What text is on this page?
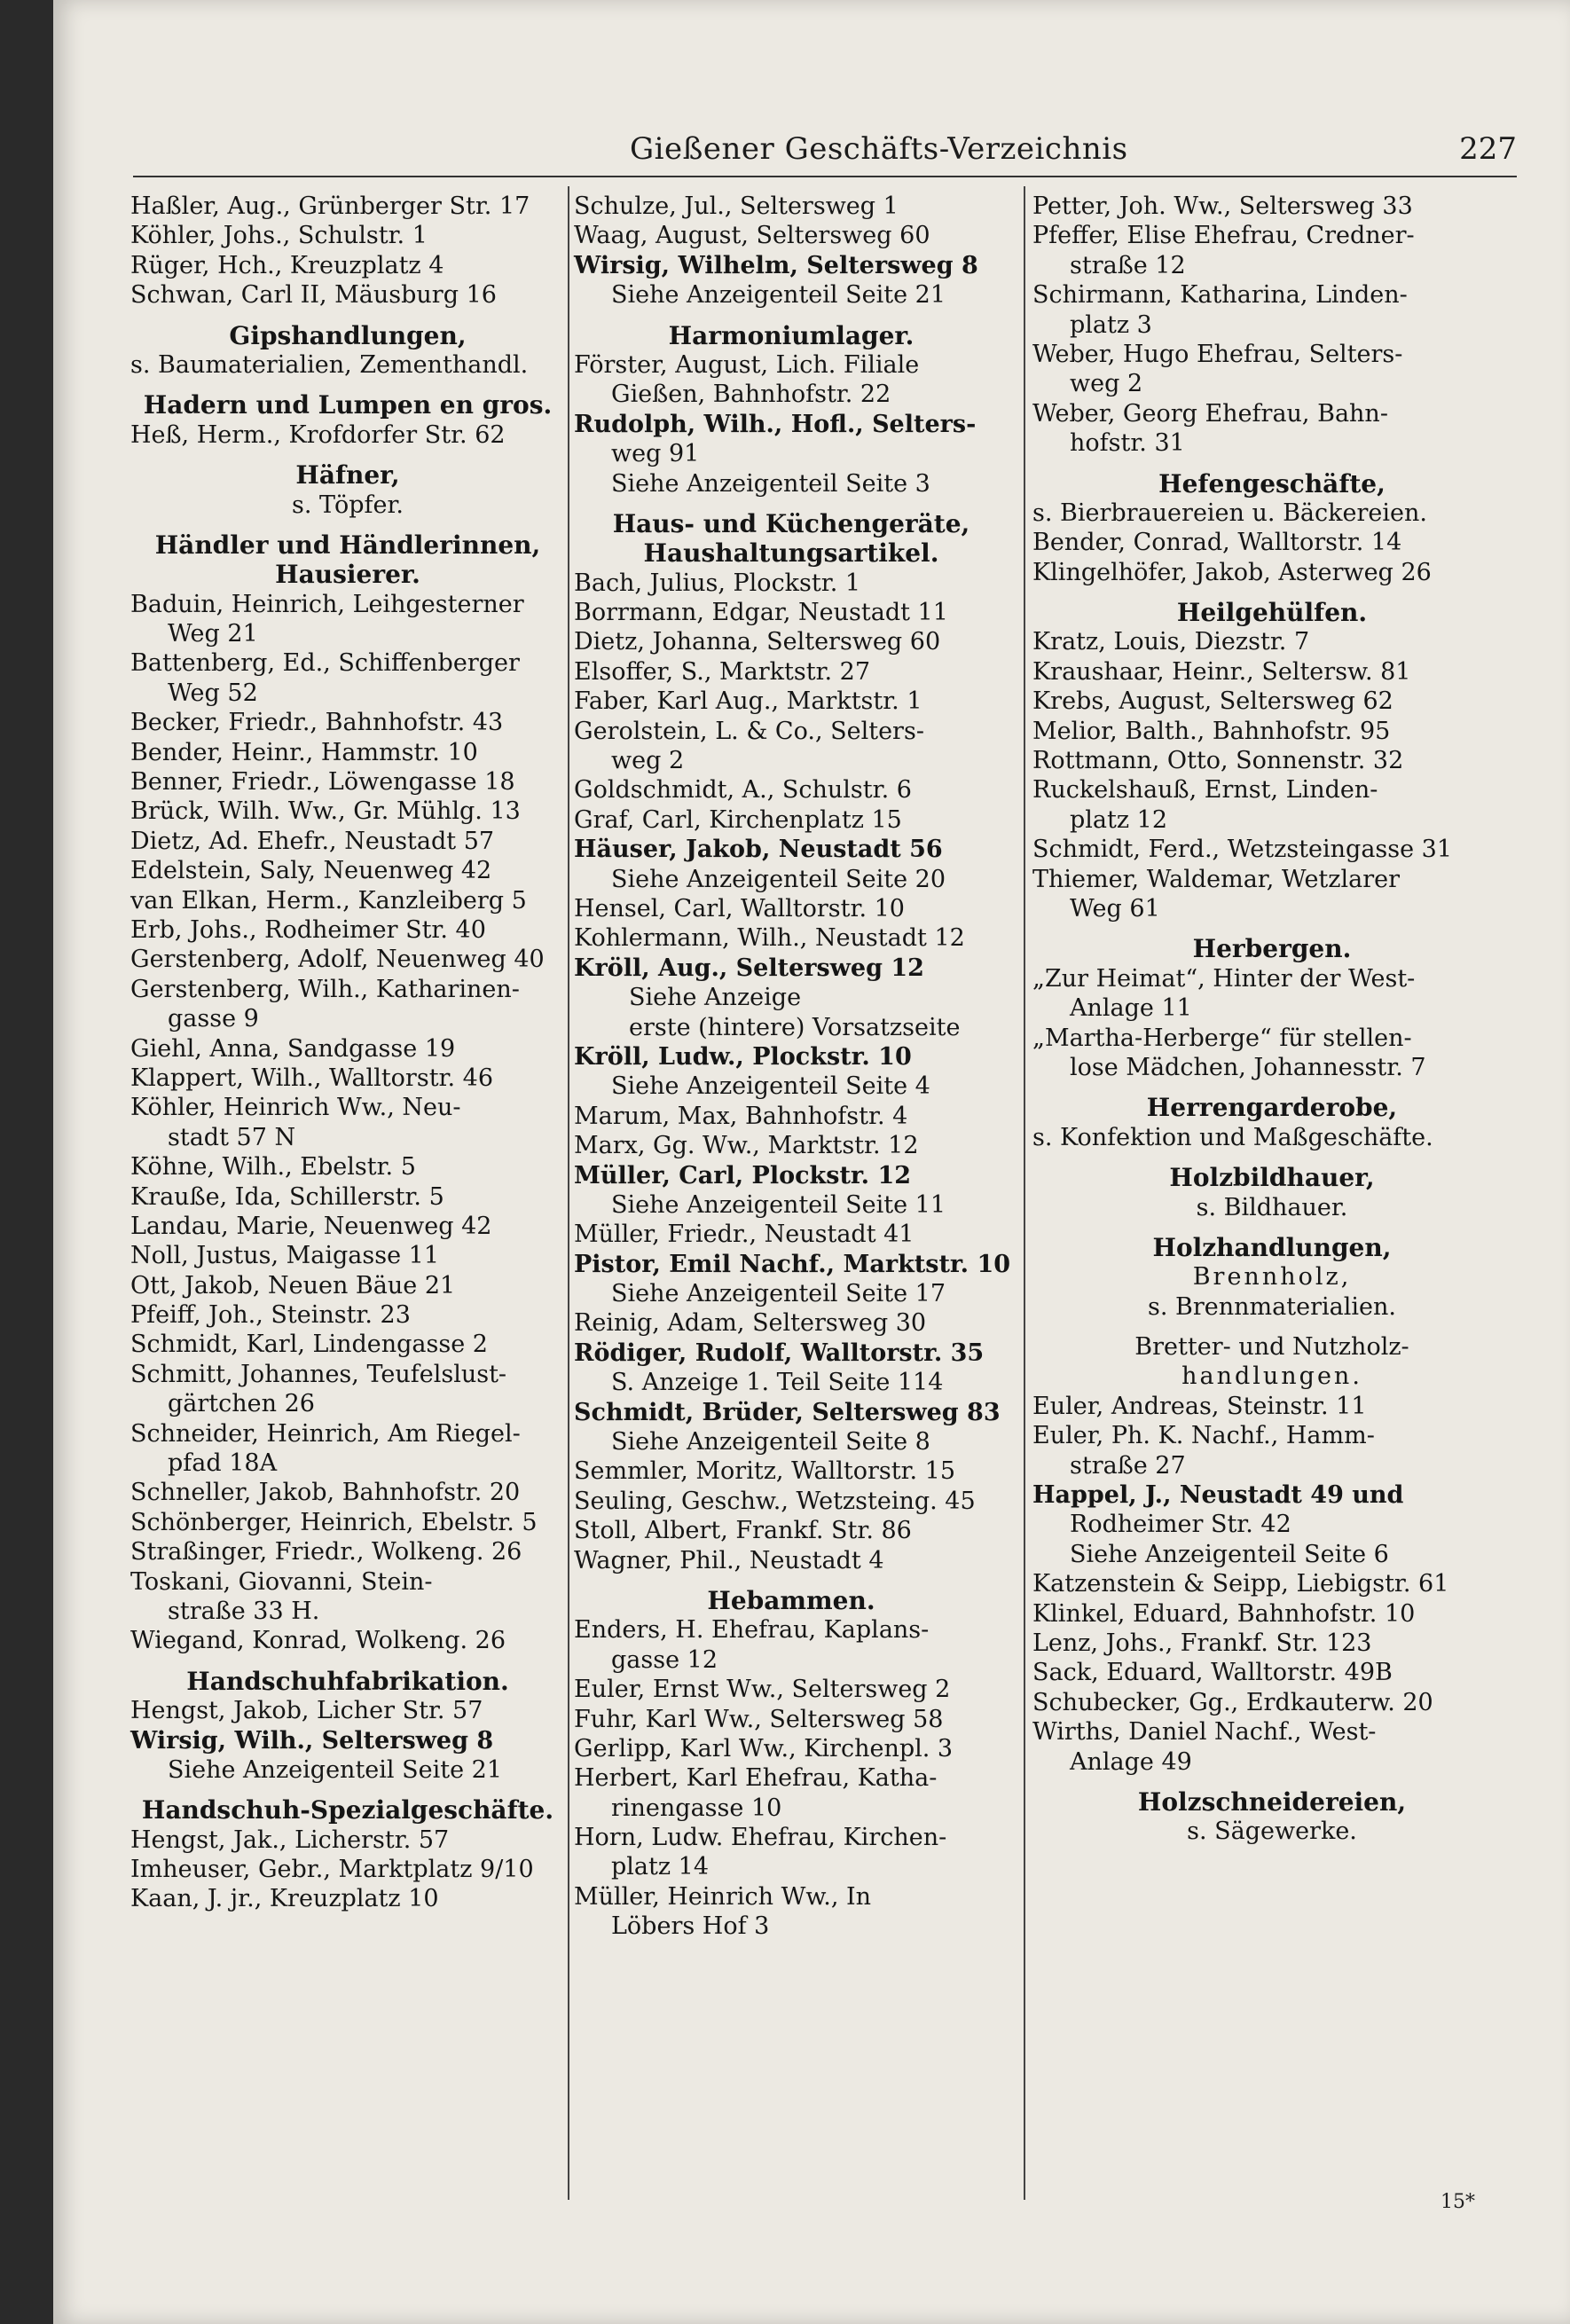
Gießener Geschäfts-Verzeichnis	227
Haßler, Aug., Grünberger Str. 17
Köhler, Johs., Schulstr. 1
Rüger, Hch., Kreuzplatz 4
Schwan, Carl II, Mäusburg 16
Gipshandlungen,
s. Baumaterialien, Zementhandl.
Hadern und Lumpen en gros.
Heß, Herm., Krofdorfer Str. 62
Häfner,
s. Töpfer.
Händler und Händlerinnen,
Hausierer.
Baduin, Heinrich, Leihgesterner
Weg 21
Battenberg, Ed., Schiffenberger
Weg 52
Becker, Friedr., Bahnhofstr. 43
Bender, Heinr., Hammstr. 10
Benner, Friedr., Löwengasse 18
Brück, Wilh. Ww., Gr. Mühlg. 13
Dietz, Ad. Ehefr., Neustadt 57
Edelstein, Saly, Neuenweg 42
van Elkan, Herm., Kanzleiberg 5
Erb, Johs., Rodheimer Str. 40
Gerstenberg, Adolf, Neuenweg 40
Gerstenberg, Wilh., Katharinen-
gasse 9
Giehl, Anna, Sandgasse 19
Klappert, Wilh., Walltorstr. 46
Köhler, Heinrich Ww., Neu-
stadt 57 N
Köhne, Wilh., Ebelstr. 5
Kraußе, Ida, Schillerstr. 5
Landau, Marie, Neuenweg 42
Noll, Justus, Maigasse 11
Ott, Jakob, Neuen Bäue 21
Pfeiff, Joh., Steinstr. 23
Schmidt, Karl, Lindengasse 2
Schmitt, Johannes, Teufelslust-
gärtchen 26
Schneider, Heinrich, Am Riegel-
pfad 18A
Schneller, Jakob, Bahnhofstr. 20
Schönberger, Heinrich, Ebelstr. 5
Straßinger, Friedr., Wolkeng. 26
Toskani, Giovanni, Stein-
straße 33 H.
Wiegand, Konrad, Wolkeng. 26
Handschuhfabrikation.
Hengst, Jakob, Licher Str. 57
Wirsig, Wilh., Seltersweg 8
Siehe Anzeigenteil Seite 21
Handschuh-Spezialgeschäfte.
Hengst, Jak., Licherstr. 57
Imheuser, Gebr., Marktplatz 9/10
Kaan, J. jr., Kreuzplatz 10
Schulze, Jul., Seltersweg 1
Waag, August, Seltersweg 60
Wirsig, Wilhelm, Seltersweg 8
Siehe Anzeigenteil Seite 21
Harmoniumlager.
Förster, August, Lich. Filiale
Gießen, Bahnhofstr. 22
Rudolph, Wilh., Hofl., Selters-
weg 91
Siehe Anzeigenteil Seite 3
Haus- und Küchengeräte,
Haushaltungsartikel.
Bach, Julius, Plockstr. 1
Borrmann, Edgar, Neustadt 11
Dietz, Johanna, Seltersweg 60
Elsoffer, S., Marktstr. 27
Faber, Karl Aug., Marktstr. 1
Gerolstein, L. & Co., Selters-
weg 2
Goldschmidt, A., Schulstr. 6
Graf, Carl, Kirchenplatz 15
Häuser, Jakob, Neustadt 56
Siehe Anzeigenteil Seite 20
Hensel, Carl, Walltorstr. 10
Kohlermann, Wilh., Neustadt 12
Kröll, Aug., Seltersweg 12
Siehe Anzeige
erste (hintere) Vorsatzseite
Kröll, Ludw., Plockstr. 10
Siehe Anzeigenteil Seite 4
Marum, Max, Bahnhofstr. 4
Marx, Gg. Ww., Marktstr. 12
Müller, Carl, Plockstr. 12
Siehe Anzeigenteil Seite 11
Müller, Friedr., Neustadt 41
Pistor, Emil Nachf., Marktstr. 10
Siehe Anzeigenteil Seite 17
Reinig, Adam, Seltersweg 30
Rödiger, Rudolf, Walltorstr. 35
S. Anzeige 1. Teil Seite 114
Schmidt, Brüder, Seltersweg 83
Siehe Anzeigenteil Seite 8
Semmler, Moritz, Walltorstr. 15
Seuling, Geschw., Wetzsteing. 45
Stoll, Albert, Frankf. Str. 86
Wagner, Phil., Neustadt 4
Hebammen.
Enders, H. Ehefrau, Kaplans-
gasse 12
Euler, Ernst Ww., Seltersweg 2
Fuhr, Karl Ww., Seltersweg 58
Gerlipp, Karl Ww., Kirchenpl. 3
Herbert, Karl Ehefrau, Katha-
rinengasse 10
Horn, Ludw. Ehefrau, Kirchen-
platz 14
Müller, Heinrich Ww., In
Löbers Hof 3
Petter, Joh. Ww., Seltersweg 33
Pfeffer, Elise Ehefrau, Credner-
straße 12
Schirmann, Katharina, Linden-
platz 3
Weber, Hugo Ehefrau, Selters-
weg 2
Weber, Georg Ehefrau, Bahn-
hofstr. 31
Hefengeschäfte,
s. Bierbrauereien u. Bäckereien.
Bender, Conrad, Walltorstr. 14
Klingelhöfer, Jakob, Asterweg 26
Heilgehülfen.
Kratz, Louis, Diezstr. 7
Kraushaar, Heinr., Seltersw. 81
Krebs, August, Seltersweg 62
Melior, Balth., Bahnhofstr. 95
Rottmann, Otto, Sonnenstr. 32
Ruckelshauß, Ernst, Linden-
platz 12
Schmidt, Ferd., Wetzsteingasse 31
Thiemer, Waldemar, Wetzlarer
Weg 61
Herbergen.
„Zur Heimat“, Hinter der West-
Anlage 11
„Martha-Herberge“ für stellen-
lose Mädchen, Johannesstr. 7
Herrengarderobe,
s. Konfektion und Maßgeschäfte.
Holzbildhauer,
s. Bildhauer.
Holzhandlungen,
Brennholz,
s. Brennmaterialien.
Bretter- und Nutzholz-
handlungen.
Euler, Andreas, Steinstr. 11
Euler, Ph. K. Nachf., Hamm-
straße 27
Happel, J., Neustadt 49 und
Rodheimer Str. 42
Siehe Anzeigenteil Seite 6
Katzenstein & Seipp, Liebigstr. 61
Klinkel, Eduard, Bahnhofstr. 10
Lenz, Johs., Frankf. Str. 123
Sack, Eduard, Walltorstr. 49B
Schubecker, Gg., Erdkauterw. 20
Wirths, Daniel Nachf., West-
Anlage 49
Holzschneidereien,
s. Sägewerke.
15*
